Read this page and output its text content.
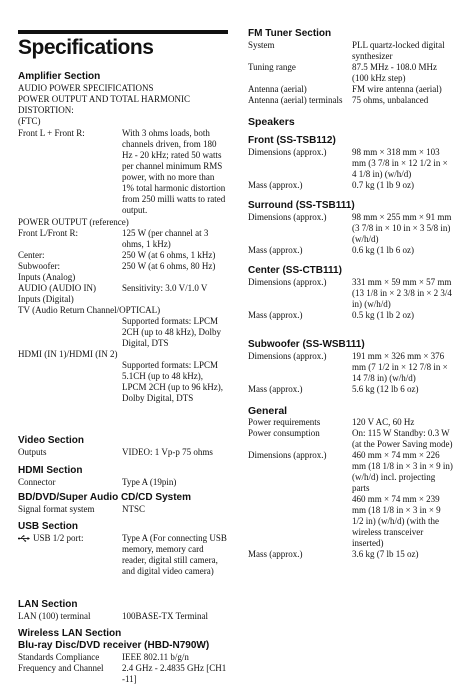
Specifications
Amplifier Section
AUDIO POWER SPECIFICATIONS
POWER OUTPUT AND TOTAL HARMONIC
DISTORTION:
(FTC)
Front L + Front R:	With 3 ohms loads, both channels driven, from 180 Hz - 20 kHz; rated 50 watts per channel minimum RMS power, with no more than 1% total harmonic distortion from 250 milli watts to rated output.
POWER OUTPUT (reference)
Front L/Front R:	125 W (per channel at 3 ohms, 1 kHz)
Center:	250 W (at 6 ohms, 1 kHz)
Subwoofer:	250 W (at 6 ohms, 80 Hz)
Inputs (Analog)
AUDIO (AUDIO IN)	Sensitivity: 3.0 V/1.0 V
Inputs (Digital)
TV (Audio Return Channel/OPTICAL)
Supported formats: LPCM 2CH (up to 48 kHz), Dolby Digital, DTS
HDMI (IN 1)/HDMI (IN 2)
Supported formats: LPCM 5.1CH (up to 48 kHz), LPCM 2CH (up to 96 kHz), Dolby Digital, DTS
Video Section
Outputs	VIDEO: 1 Vp-p 75 ohms
HDMI Section
Connector	Type A (19pin)
BD/DVD/Super Audio CD/CD System
Signal format system	NTSC
USB Section
USB 1/2 port:	Type A (For connecting USB memory, memory card reader, digital still camera, and digital video camera)
LAN Section
LAN (100) terminal	100BASE-TX Terminal
Wireless LAN Section
Blu-ray Disc/DVD receiver (HBD-N790W)
Standards Compliance	IEEE 802.11 b/g/n
Frequency and Channel	2.4 GHz - 2.4835 GHz [CH1 -11]
FM Tuner Section
System	PLL quartz-locked digital synthesizer
Tuning range	87.5 MHz - 108.0 MHz (100 kHz step)
Antenna (aerial)	FM wire antenna (aerial)
Antenna (aerial) terminals	75 ohms, unbalanced
Speakers
Front (SS-TSB112)
Dimensions (approx.)	98 mm × 318 mm × 103 mm (3 7/8 in × 12 1/2 in × 4 1/8 in) (w/h/d)
Mass (approx.)	0.7 kg (1 lb 9 oz)
Surround (SS-TSB111)
Dimensions (approx.)	98 mm × 255 mm × 91 mm (3 7/8 in × 10 in × 3 5/8 in) (w/h/d)
Mass (approx.)	0.6 kg (1 lb 6 oz)
Center (SS-CTB111)
Dimensions (approx.)	331 mm × 59 mm × 57 mm (13 1/8 in × 2 3/8 in × 2 3/4 in) (w/h/d)
Mass (approx.)	0.5 kg (1 lb 2 oz)
Subwoofer (SS-WSB111)
Dimensions (approx.)	191 mm × 326 mm × 376 mm (7 1/2 in × 12 7/8 in × 14 7/8 in) (w/h/d)
Mass (approx.)	5.6 kg (12 lb 6 oz)
General
Power requirements	120 V AC, 60 Hz
Power consumption	On: 115 W Standby: 0.3 W (at the Power Saving mode)
Dimensions (approx.)	460 mm × 74 mm × 226 mm (18 1/8 in × 3 in × 9 in) (w/h/d) incl. projecting parts
460 mm × 74 mm × 239 mm (18 1/8 in × 3 in × 9 1/2 in) (w/h/d) (with the wireless transceiver inserted)
Mass (approx.)	3.6 kg (7 lb 15 oz)
